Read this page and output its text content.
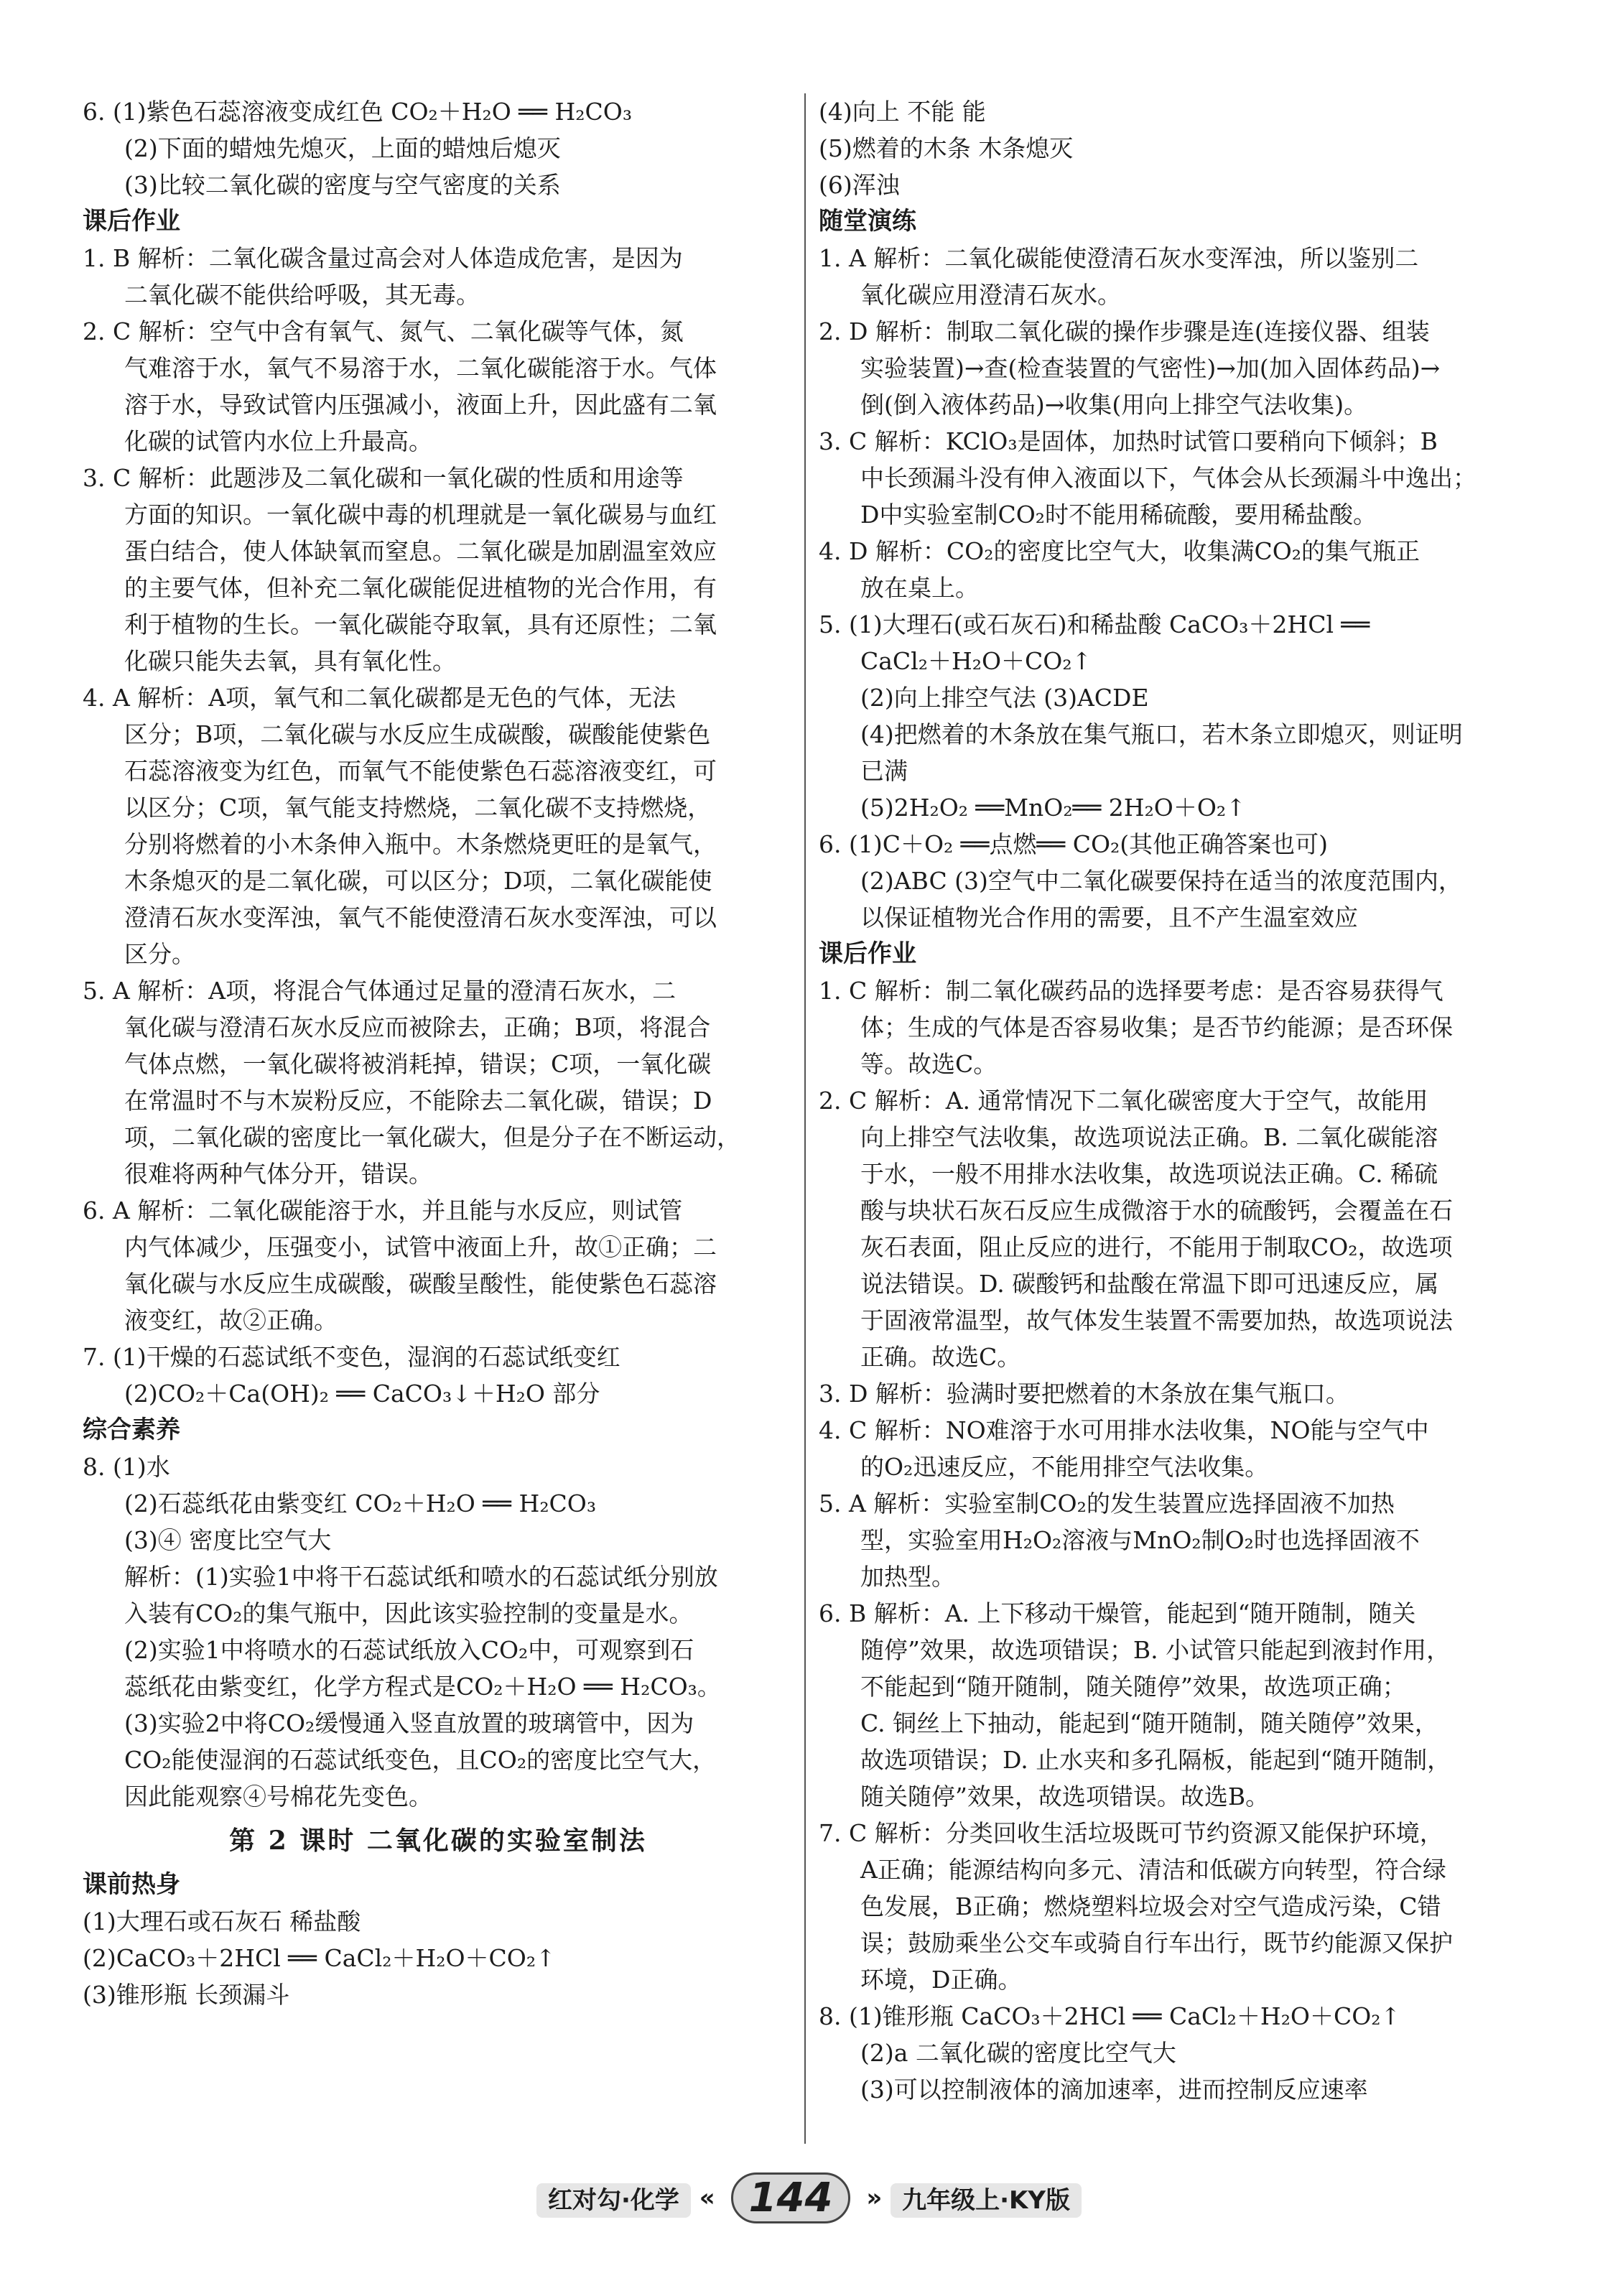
6. (1)紫色石蕊溶液变成红色 CO₂＋H₂O ══ H₂CO₃
(2)下面的蜡烛先熄灭，上面的蜡烛后熄灭
(3)比较二氧化碳的密度与空气密度的关系
课后作业
1. B 解析：二氧化碳含量过高会对人体造成危害，是因为
二氧化碳不能供给呼吸，其无毒。
2. C 解析：空气中含有氧气、氮气、二氧化碳等气体，氮
气难溶于水，氧气不易溶于水，二氧化碳能溶于水。气体
溶于水，导致试管内压强减小，液面上升，因此盛有二氧
化碳的试管内水位上升最高。
3. C 解析：此题涉及二氧化碳和一氧化碳的性质和用途等
方面的知识。一氧化碳中毒的机理就是一氧化碳易与血红
蛋白结合，使人体缺氧而窒息。二氧化碳是加剧温室效应
的主要气体，但补充二氧化碳能促进植物的光合作用，有
利于植物的生长。一氧化碳能夺取氧，具有还原性；二氧
化碳只能失去氧，具有氧化性。
4. A 解析：A项，氧气和二氧化碳都是无色的气体，无法
区分；B项，二氧化碳与水反应生成碳酸，碳酸能使紫色
石蕊溶液变为红色，而氧气不能使紫色石蕊溶液变红，可
以区分；C项，氧气能支持燃烧，二氧化碳不支持燃烧，
分别将燃着的小木条伸入瓶中。木条燃烧更旺的是氧气，
木条熄灭的是二氧化碳，可以区分；D项，二氧化碳能使
澄清石灰水变浑浊，氧气不能使澄清石灰水变浑浊，可以
区分。
5. A 解析：A项，将混合气体通过足量的澄清石灰水，二
氧化碳与澄清石灰水反应而被除去，正确；B项，将混合
气体点燃，一氧化碳将被消耗掉，错误；C项，一氧化碳
在常温时不与木炭粉反应，不能除去二氧化碳，错误；D
项，二氧化碳的密度比一氧化碳大，但是分子在不断运动，
很难将两种气体分开，错误。
6. A 解析：二氧化碳能溶于水，并且能与水反应，则试管
内气体减少，压强变小，试管中液面上升，故①正确；二
氧化碳与水反应生成碳酸，碳酸呈酸性，能使紫色石蕊溶
液变红，故②正确。
7. (1)干燥的石蕊试纸不变色，湿润的石蕊试纸变红
(2)CO₂＋Ca(OH)₂ ══ CaCO₃↓＋H₂O 部分
综合素养
8. (1)水
(2)石蕊纸花由紫变红 CO₂＋H₂O ══ H₂CO₃
(3)④ 密度比空气大
解析：(1)实验1中将干石蕊试纸和喷水的石蕊试纸分别放
入装有CO₂的集气瓶中，因此该实验控制的变量是水。
(2)实验1中将喷水的石蕊试纸放入CO₂中，可观察到石
蕊纸花由紫变红，化学方程式是CO₂＋H₂O ══ H₂CO₃。
(3)实验2中将CO₂缓慢通入竖直放置的玻璃管中，因为
CO₂能使湿润的石蕊试纸变色，且CO₂的密度比空气大，
因此能观察④号棉花先变色。
第 2 课时 二氧化碳的实验室制法
课前热身
(1)大理石或石灰石 稀盐酸
(2)CaCO₃＋2HCl ══ CaCl₂＋H₂O＋CO₂↑
(3)锥形瓶 长颈漏斗
(4)向上 不能 能
(5)燃着的木条 木条熄灭
(6)浑浊
随堂演练
1. A 解析：二氧化碳能使澄清石灰水变浑浊，所以鉴别二
氧化碳应用澄清石灰水。
2. D 解析：制取二氧化碳的操作步骤是连(连接仪器、组装
实验装置)→查(检查装置的气密性)→加(加入固体药品)→
倒(倒入液体药品)→收集(用向上排空气法收集)。
3. C 解析：KClO₃是固体，加热时试管口要稍向下倾斜；B
中长颈漏斗没有伸入液面以下，气体会从长颈漏斗中逸出；
D中实验室制CO₂时不能用稀硫酸，要用稀盐酸。
4. D 解析：CO₂的密度比空气大，收集满CO₂的集气瓶正
放在桌上。
5. (1)大理石(或石灰石)和稀盐酸 CaCO₃＋2HCl ══
CaCl₂＋H₂O＋CO₂↑
(2)向上排空气法 (3)ACDE
(4)把燃着的木条放在集气瓶口，若木条立即熄灭，则证明
已满
(5)2H₂O₂ ══MnO₂══ 2H₂O＋O₂↑
6. (1)C＋O₂ ══点燃══ CO₂(其他正确答案也可)
(2)ABC (3)空气中二氧化碳要保持在适当的浓度范围内，
以保证植物光合作用的需要，且不产生温室效应
课后作业
1. C 解析：制二氧化碳药品的选择要考虑：是否容易获得气
体；生成的气体是否容易收集；是否节约能源；是否环保
等。故选C。
2. C 解析：A. 通常情况下二氧化碳密度大于空气，故能用
向上排空气法收集，故选项说法正确。B. 二氧化碳能溶
于水，一般不用排水法收集，故选项说法正确。C. 稀硫
酸与块状石灰石反应生成微溶于水的硫酸钙，会覆盖在石
灰石表面，阻止反应的进行，不能用于制取CO₂，故选项
说法错误。D. 碳酸钙和盐酸在常温下即可迅速反应，属
于固液常温型，故气体发生装置不需要加热，故选项说法
正确。故选C。
3. D 解析：验满时要把燃着的木条放在集气瓶口。
4. C 解析：NO难溶于水可用排水法收集，NO能与空气中
的O₂迅速反应，不能用排空气法收集。
5. A 解析：实验室制CO₂的发生装置应选择固液不加热
型，实验室用H₂O₂溶液与MnO₂制O₂时也选择固液不
加热型。
6. B 解析：A. 上下移动干燥管，能起到“随开随制，随关
随停”效果，故选项错误；B. 小试管只能起到液封作用，
不能起到“随开随制，随关随停”效果，故选项正确；
C. 铜丝上下抽动，能起到“随开随制，随关随停”效果，
故选项错误；D. 止水夹和多孔隔板，能起到“随开随制，
随关随停”效果，故选项错误。故选B。
7. C 解析：分类回收生活垃圾既可节约资源又能保护环境，
A正确；能源结构向多元、清洁和低碳方向转型，符合绿
色发展，B正确；燃烧塑料垃圾会对空气造成污染，C错
误；鼓励乘坐公交车或骑自行车出行，既节约能源又保护
环境，D正确。
8. (1)锥形瓶 CaCO₃＋2HCl ══ CaCl₂＋H₂O＋CO₂↑
(2)a 二氧化碳的密度比空气大
(3)可以控制液体的滴加速率，进而控制反应速率
红对勾·化学 « 144 » 九年级上·KY版
